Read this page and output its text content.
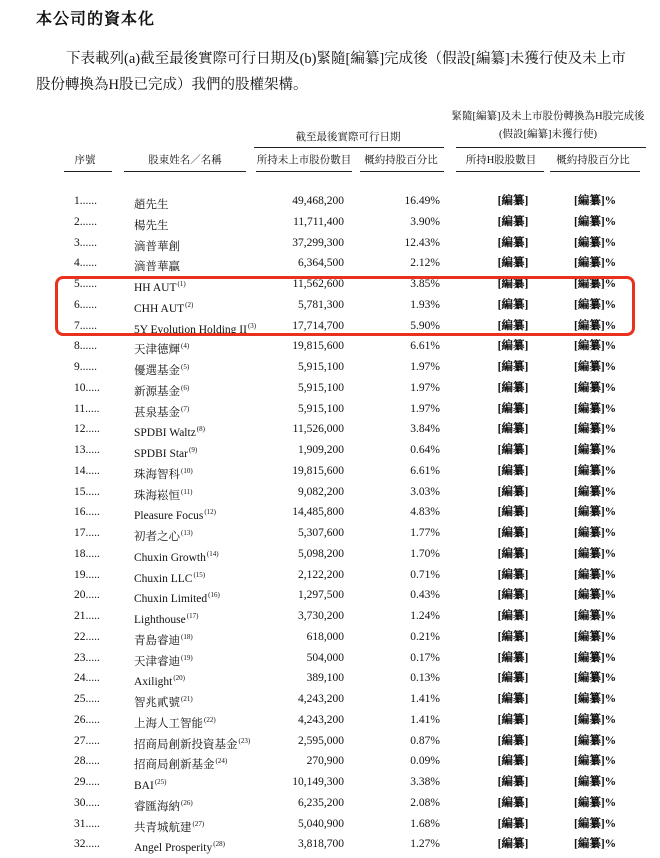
本公司的資本化
下表載列(a)截至最後實際可行日期及(b)緊隨[編纂]完成後（假設[編纂]未獲行使及未上市股份轉換為H股已完成）我們的股權架構。
緊隨[編纂]及未上市股份轉換為H股完成後
(假設[編纂]未獲行使)
截至最後實際可行日期
序號	股東姓名／名稱	所持未上市股份數目	概約持股百分比	所持H股股數目	概約持股百分比
1......	趙先生	49,468,200	16.49%	[編纂]	[編纂]%
2......	楊先生	11,711,400	3.90%	[編纂]	[編纂]%
3......	滴普華創	37,299,300	12.43%	[編纂]	[編纂]%
4......	滴普華贏	6,364,500	2.12%	[編纂]	[編纂]%
5......	HH AUT$^{(1)}$	11,562,600	3.85%	[編纂]	[編纂]%
6......	CHH AUT$^{(2)}$	5,781,300	1.93%	[編纂]	[編纂]%
7......	5Y Evolution Holding II$^{(3)}$	17,714,700	5.90%	[編纂]	[編纂]%
8......	天津德輝$^{(4)}$	19,815,600	6.61%	[編纂]	[編纂]%
9......	優選基金$^{(5)}$	5,915,100	1.97%	[編纂]	[編纂]%
10.....	新源基金$^{(6)}$	5,915,100	1.97%	[編纂]	[編纂]%
11.....	甚泉基金$^{(7)}$	5,915,100	1.97%	[編纂]	[編纂]%
12.....	SPDBI Waltz$^{(8)}$	11,526,000	3.84%	[編纂]	[編纂]%
13.....	SPDBI Star$^{(9)}$	1,909,200	0.64%	[編纂]	[編纂]%
14.....	珠海智科$^{(10)}$	19,815,600	6.61%	[編纂]	[編纂]%
15.....	珠海崧恒$^{(11)}$	9,082,200	3.03%	[編纂]	[編纂]%
16.....	Pleasure Focus$^{(12)}$	14,485,800	4.83%	[編纂]	[編纂]%
17.....	初者之心$^{(13)}$	5,307,600	1.77%	[編纂]	[編纂]%
18.....	Chuxin Growth$^{(14)}$	5,098,200	1.70%	[編纂]	[編纂]%
19.....	Chuxin LLC$^{(15)}$	2,122,200	0.71%	[編纂]	[編纂]%
20.....	Chuxin Limited$^{(16)}$	1,297,500	0.43%	[編纂]	[編纂]%
21.....	Lighthouse$^{(17)}$	3,730,200	1.24%	[編纂]	[編纂]%
22.....	青島睿迪$^{(18)}$	618,000	0.21%	[編纂]	[編纂]%
23.....	天津睿迪$^{(19)}$	504,000	0.17%	[編纂]	[編纂]%
24.....	Axilight$^{(20)}$	389,100	0.13%	[編纂]	[編纂]%
25.....	智兆貳號$^{(21)}$	4,243,200	1.41%	[編纂]	[編纂]%
26.....	上海人工智能$^{(22)}$	4,243,200	1.41%	[編纂]	[編纂]%
27.....	招商局創新投資基金$^{(23)}$	2,595,000	0.87%	[編纂]	[編纂]%
28.....	招商局創新基金$^{(24)}$	270,900	0.09%	[編纂]	[編纂]%
29.....	BAI$^{(25)}$	10,149,300	3.38%	[編纂]	[編纂]%
30.....	睿匯海納$^{(26)}$	6,235,200	2.08%	[編纂]	[編纂]%
31.....	共青城航建$^{(27)}$	5,040,900	1.68%	[編纂]	[編纂]%
32.....	Angel Prosperity$^{(28)}$	3,818,700	1.27%	[編纂]	[編纂]%
